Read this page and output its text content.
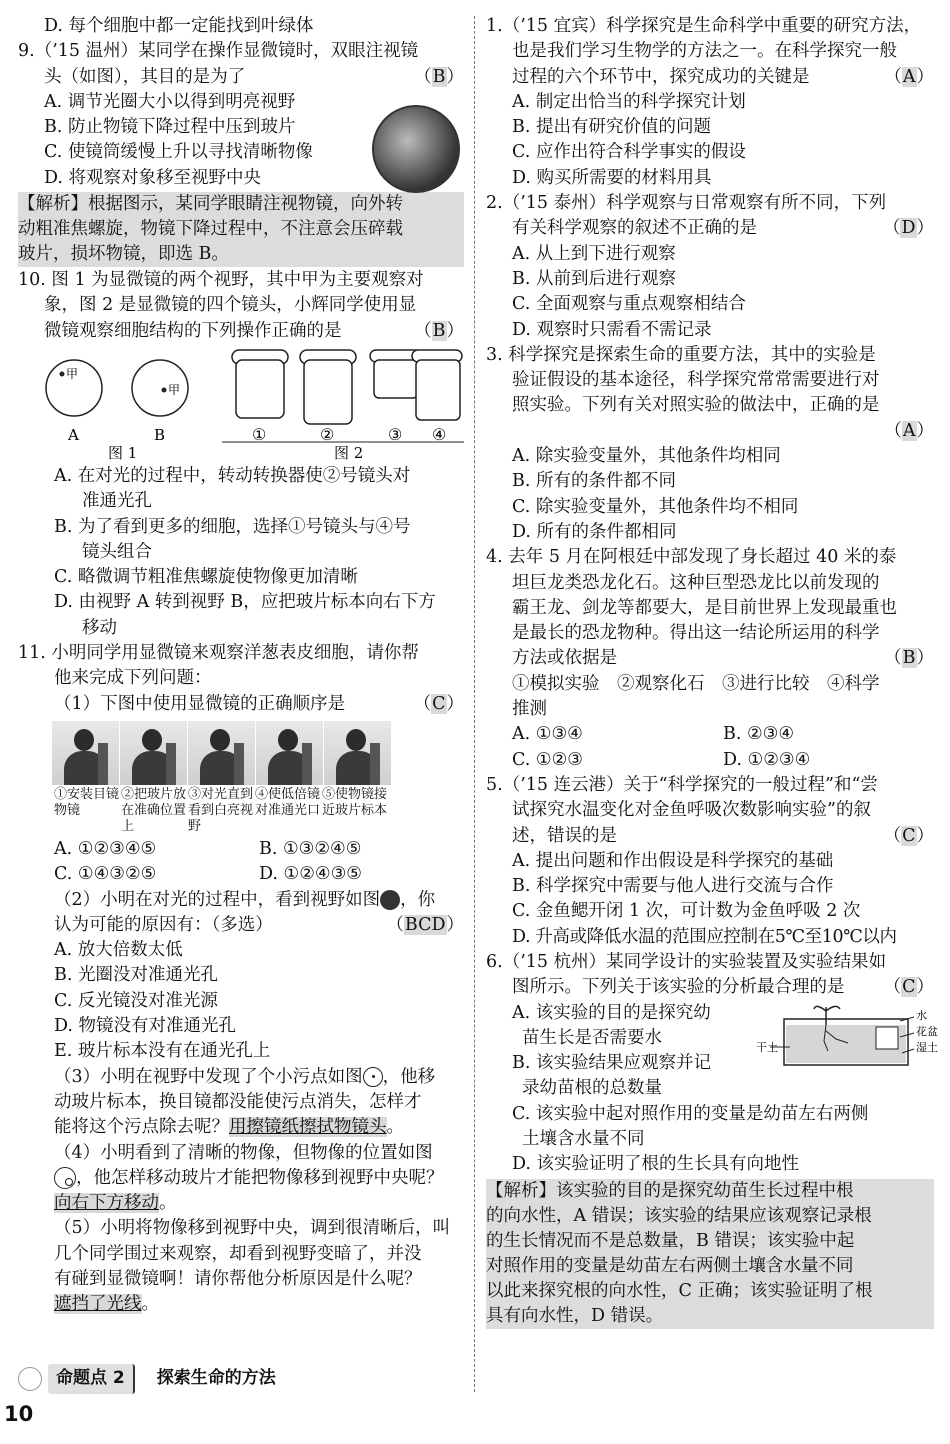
D. 每个细胞中都一定能找到叶绿体
9.（’15 温州）某同学在操作显微镜时，双眼注视镜
头（如图），其目的是为了	（B）
A. 调节光圈大小以得到明亮视野
B. 防止物镜下降过程中压到玻片
C. 使镜筒缓慢上升以寻找清晰物像
D. 将观察对象移至视野中央
【解析】根据图示，某同学眼睛注视物镜，向外转
动粗准焦螺旋，物镜下降过程中，不注意会压碎载
玻片，损坏物镜，即选 B。
10. 图 1 为显微镜的两个视野，其中甲为主要观察对
象，图 2 是显微镜的四个镜头，小辉同学使用显
微镜观察细胞结构的下列操作正确的是	（B）
甲
甲
A	B
图 1
①	②	③ ④
图 2
A. 在对光的过程中，转动转换器使②号镜头对
准通光孔
B. 为了看到更多的细胞，选择①号镜头与④号
镜头组合
C. 略微调节粗准焦螺旋使物像更加清晰
D. 由视野 A 转到视野 B，应把玻片标本向右下方
移动
11. 小明同学用显微镜来观察洋葱表皮细胞，请你帮
他来完成下列问题：
（1）下图中使用显微镜的正确顺序是	（C）
①安装目镜物镜
②把玻片放在准确位置上
③对光直到看到白亮视野
④使低倍镜对准通光口
⑤使物镜接近玻片标本
A. ①②③④⑤	B. ①③②④⑤
C. ①④③②⑤	D. ①②④③⑤
（2）小明在对光的过程中，看到视野如图 ，你
认为可能的原因有：（多选）	（BCD）
A. 放大倍数太低
B. 光圈没对准通光孔
C. 反光镜没对准光源
D. 物镜没有对准通光孔
E. 玻片标本没有在通光孔上
（3）小明在视野中发现了个小污点如图 ，他移
动玻片标本，换目镜都没能使污点消失，怎样才
能将这个污点除去呢？用擦镜纸擦拭物镜头。
（4）小明看到了清晰的物像，但物像的位置如图
，他怎样移动玻片才能把物像移到视野中央呢？
向右下方移动。
（5）小明将物像移到视野中央，调到很清晰后，叫
几个同学围过来观察，却看到视野变暗了，并没
有碰到显微镜啊！请你帮他分析原因是什么呢？
遮挡了光线。
命题点 2	探索生命的方法
10
1.（’15 宜宾）科学探究是生命科学中重要的研究方法，
也是我们学习生物学的方法之一。在科学探究一般
过程的六个环节中，探究成功的关键是	（A）
A. 制定出恰当的科学探究计划
B. 提出有研究价值的问题
C. 应作出符合科学事实的假设
D. 购买所需要的材料用具
2.（’15 泰州）科学观察与日常观察有所不同，下列
有关科学观察的叙述不正确的是	（D）
A. 从上到下进行观察
B. 从前到后进行观察
C. 全面观察与重点观察相结合
D. 观察时只需看不需记录
3. 科学探究是探索生命的重要方法，其中的实验是
验证假设的基本途径，科学探究常常需要进行对
照实验。下列有关对照实验的做法中，正确的是
（A）
A. 除实验变量外，其他条件均相同
B. 所有的条件都不同
C. 除实验变量外，其他条件均不相同
D. 所有的条件都相同
4. 去年 5 月在阿根廷中部发现了身长超过 40 米的泰
坦巨龙类恐龙化石。这种巨型恐龙比以前发现的
霸王龙、剑龙等都要大，是目前世界上发现最重也
是最长的恐龙物种。得出这一结论所运用的科学
方法或依据是	（B）
①模拟实验　②观察化石　③进行比较　④科学
推测
A. ①③④	B. ②③④
C. ①②③	D. ①②③④
5.（’15 连云港）关于“科学探究的一般过程”和“尝
试探究水温变化对金鱼呼吸次数影响实验”的叙
述，错误的是	（C）
A. 提出问题和作出假设是科学探究的基础
B. 科学探究中需要与他人进行交流与合作
C. 金鱼鳃开闭 1 次，可计数为金鱼呼吸 2 次
D. 升高或降低水温的范围应控制在5℃至10℃以内
6.（’15 杭州）某同学设计的实验装置及实验结果如
图所示。下列关于该实验的分析最合理的是 （C）
干土
水
花盆
湿土
A. 该实验的目的是探究幼
苗生长是否需要水
B. 该实验结果应观察并记
录幼苗根的总数量
C. 该实验中起对照作用的变量是幼苗左右两侧
土壤含水量不同
D. 该实验证明了根的生长具有向地性
【解析】该实验的目的是探究幼苗生长过程中根
的向水性，A 错误；该实验的结果应该观察记录根
的生长情况而不是总数量，B 错误；该实验中起
对照作用的变量是幼苗左右两侧土壤含水量不同
以此来探究根的向水性，C 正确；该实验证明了根
具有向水性，D 错误。
